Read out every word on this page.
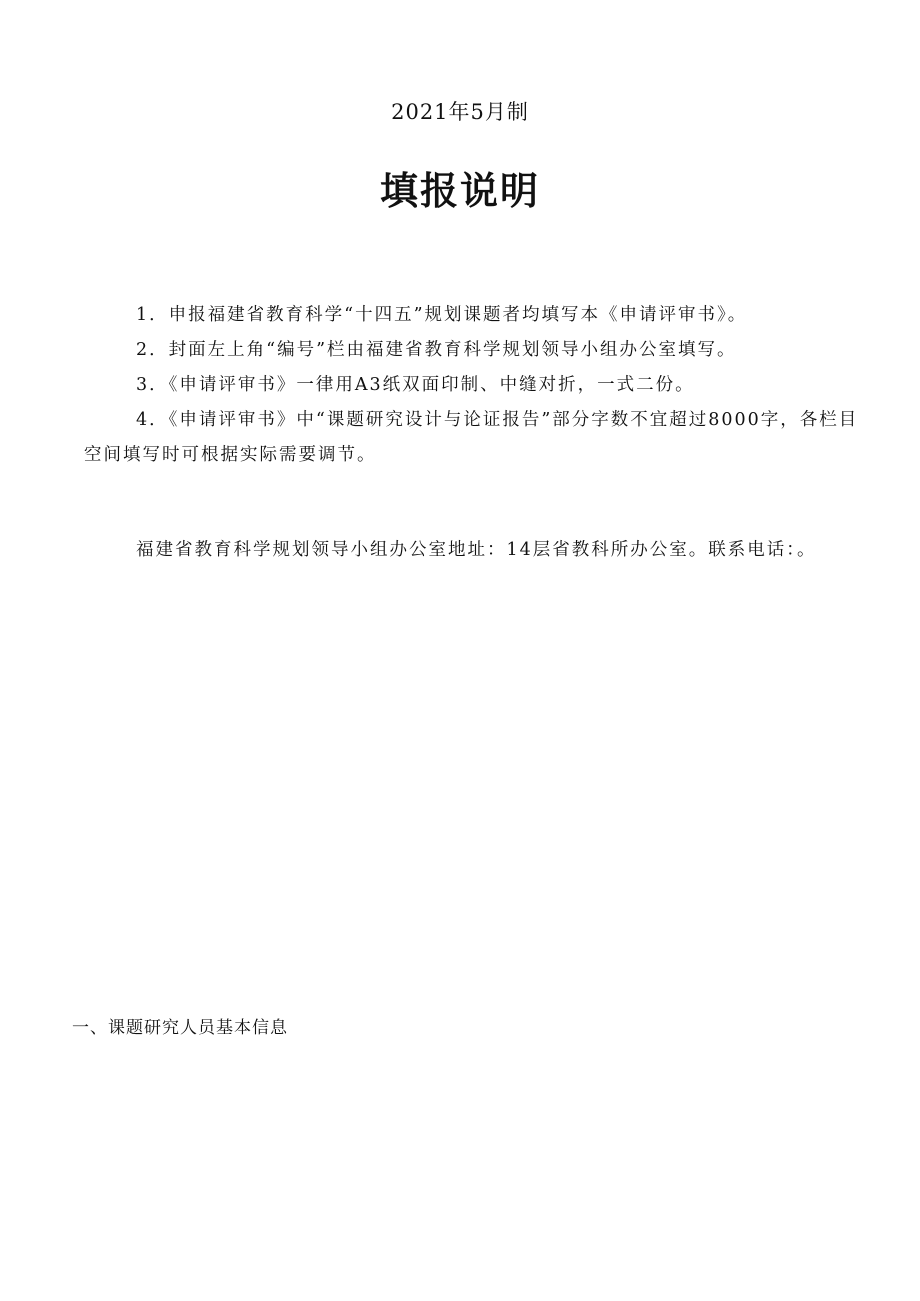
2021年5月制
填报说明

1．申报福建省教育科学“十四五”规划课题者均填写本《申请评审书》。

2．封面左上角“编号”栏由福建省教育科学规划领导小组办公室填写。

3．《申请评审书》一律用A3纸双面印制、中缝对折，一式二份。

4．《申请评审书》中“课题研究设计与论证报告”部分字数不宜超过8000字，各栏目空间填写时可根据实际需要调节。

福建省教育科学规划领导小组办公室地址：14层省教科所办公室。联系电话：。
一、课题研究人员基本信息
